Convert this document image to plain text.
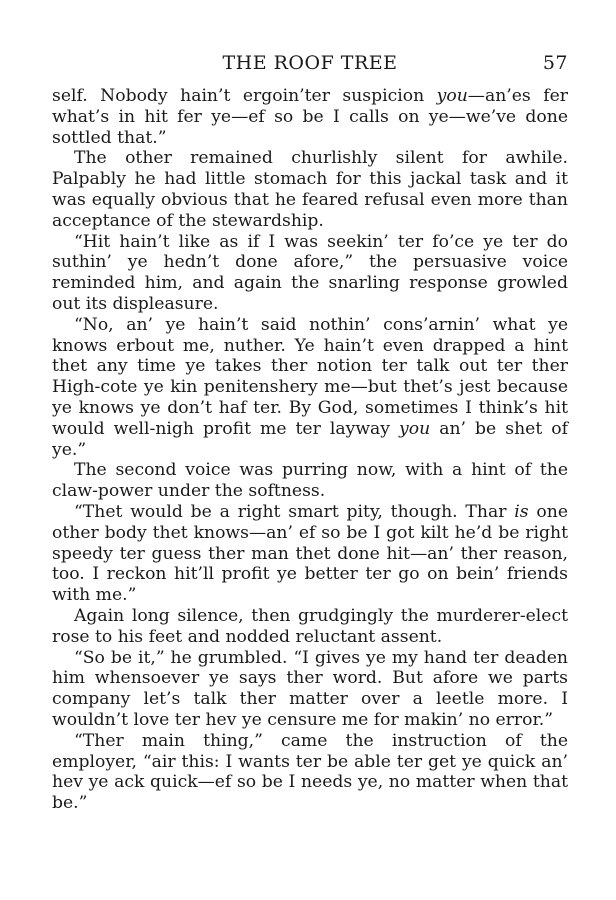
THE ROOF TREE	57

self. Nobody hain’t ergoin’ter suspicion you—an’es fer what’s in hit fer ye—ef so be I calls on ye—we’ve done sottled that.”

The other remained churlishly silent for awhile. Palpably he had little stomach for this jackal task and it was equally obvious that he feared refusal even more than acceptance of the stewardship.

“Hit hain’t like as if I was seekin’ ter fo’ce ye ter do suthin’ ye hedn’t done afore,” the persuasive voice reminded him, and again the snarling response growled out its displeasure.

“No, an’ ye hain’t said nothin’ cons’arnin’ what ye knows erbout me, nuther. Ye hain’t even drapped a hint thet any time ye takes ther notion ter talk out ter ther High-cote ye kin penitenshery me—but thet’s jest because ye knows ye don’t haf ter. By God, sometimes I think’s hit would well-nigh profit me ter layway you an’ be shet of ye.”

The second voice was purring now, with a hint of the claw-power under the softness.

“Thet would be a right smart pity, though. Thar is one other body thet knows—an’ ef so be I got kilt he’d be right speedy ter guess ther man thet done hit—an’ ther reason, too. I reckon hit’ll profit ye better ter go on bein’ friends with me.”

Again long silence, then grudgingly the murderer-elect rose to his feet and nodded reluctant assent.

“So be it,” he grumbled. “I gives ye my hand ter deaden him whensoever ye says ther word. But afore we parts company let’s talk ther matter over a leetle more. I wouldn’t love ter hev ye censure me for makin’ no error.”

“Ther main thing,” came the instruction of the employer, “air this: I wants ter be able ter get ye quick an’ hev ye ack quick—ef so be I needs ye, no matter when that be.”
